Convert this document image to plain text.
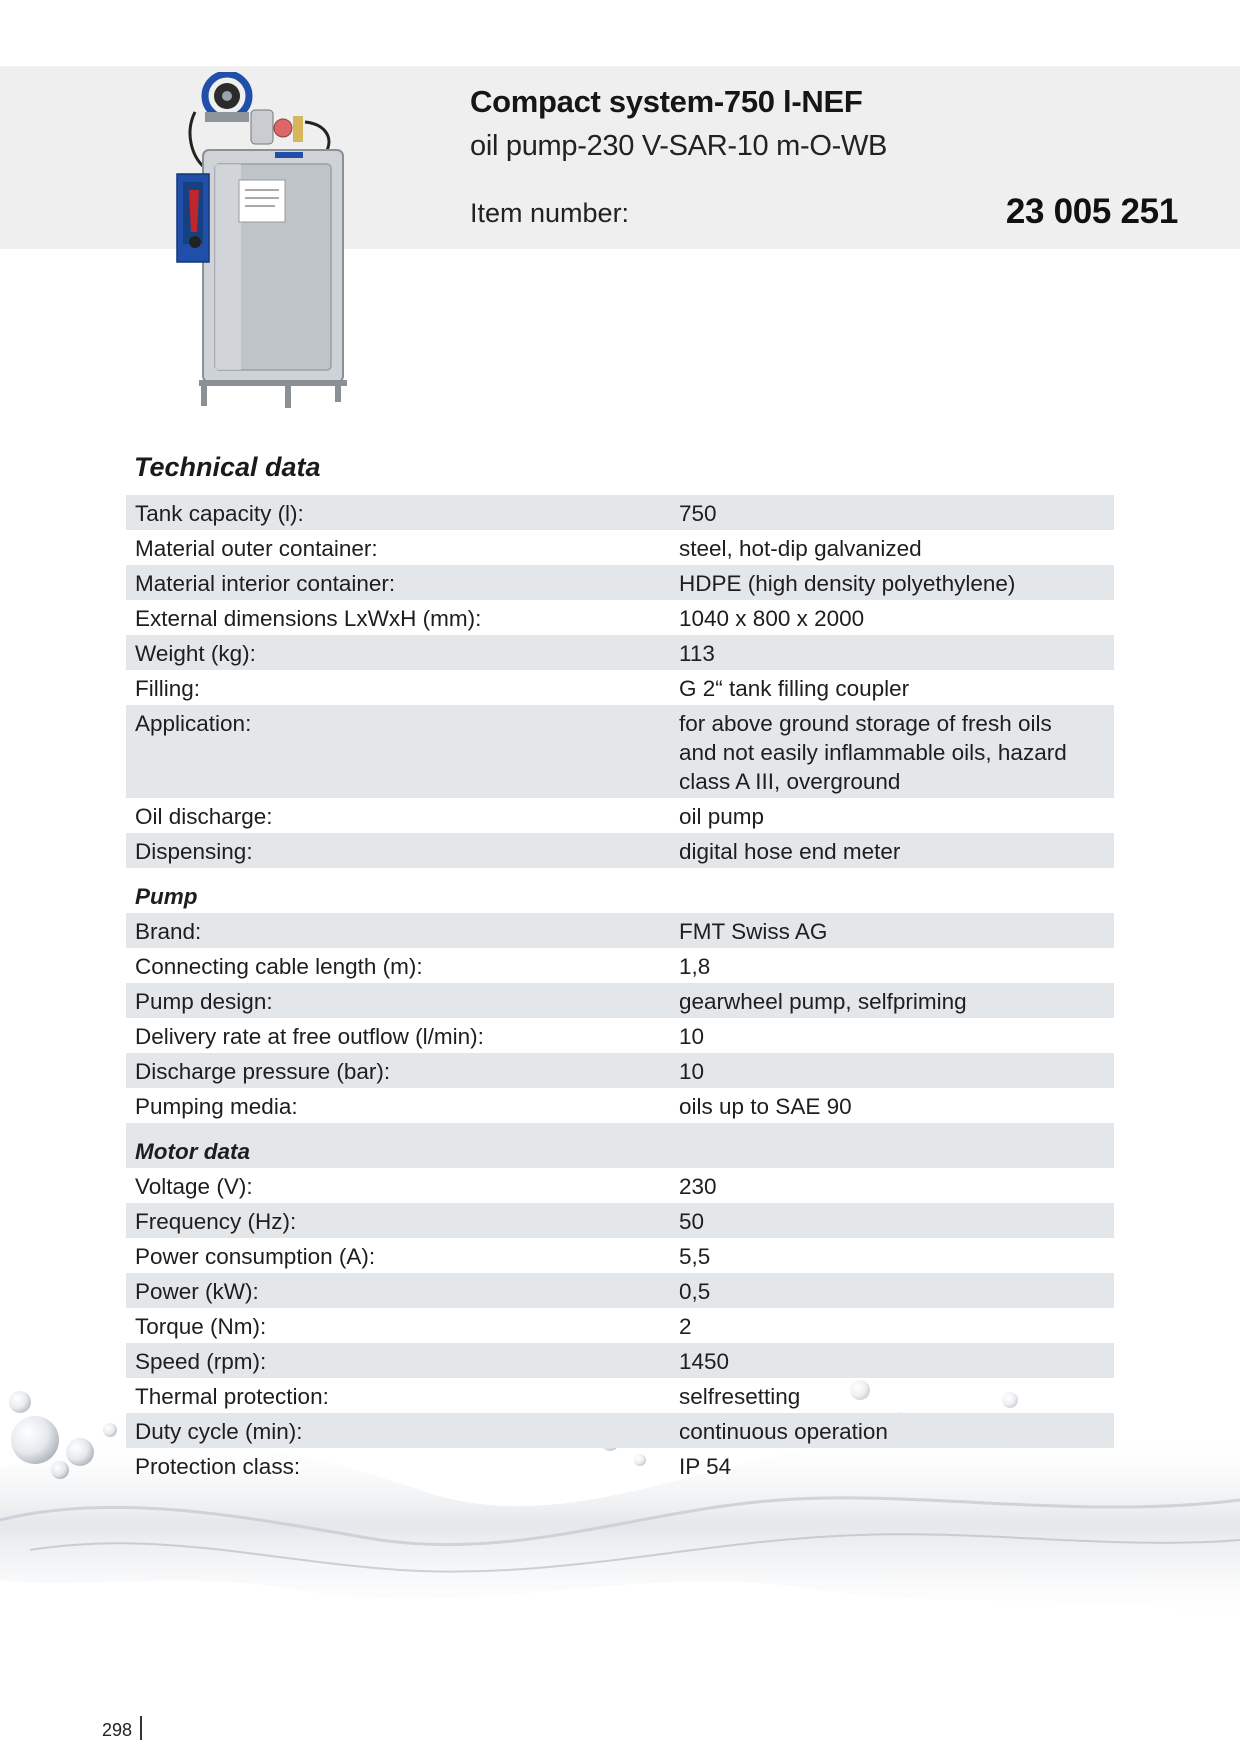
Compact system-750 l-NEF
oil pump-230 V-SAR-10 m-O-WB
Item number:	23 005 251
Technical data
Tank capacity (l):	750
Material outer container:	steel, hot-dip galvanized
Material interior container:	HDPE (high density polyethylene)
External dimensions LxWxH (mm):	1040 x 800 x 2000
Weight (kg):	113
Filling:	G 2“ tank filling coupler
Application:	for above ground storage of fresh oils and not easily inflammable oils, hazard class A III, overground
Oil discharge:	oil pump
Dispensing:	digital hose end meter
Pump
Brand:	FMT Swiss AG
Connecting cable length (m):	1,8
Pump design:	gearwheel pump, selfpriming
Delivery rate at free outflow (l/min):	10
Discharge pressure (bar):	10
Pumping media:	oils up to SAE 90
Motor data
Voltage (V):	230
Frequency (Hz):	50
Power consumption (A):	5,5
Power (kW):	0,5
Torque (Nm):	2
Speed (rpm):	1450
Thermal protection:	selfresetting
Duty cycle (min):	continuous operation
Protection class:	IP 54
298
